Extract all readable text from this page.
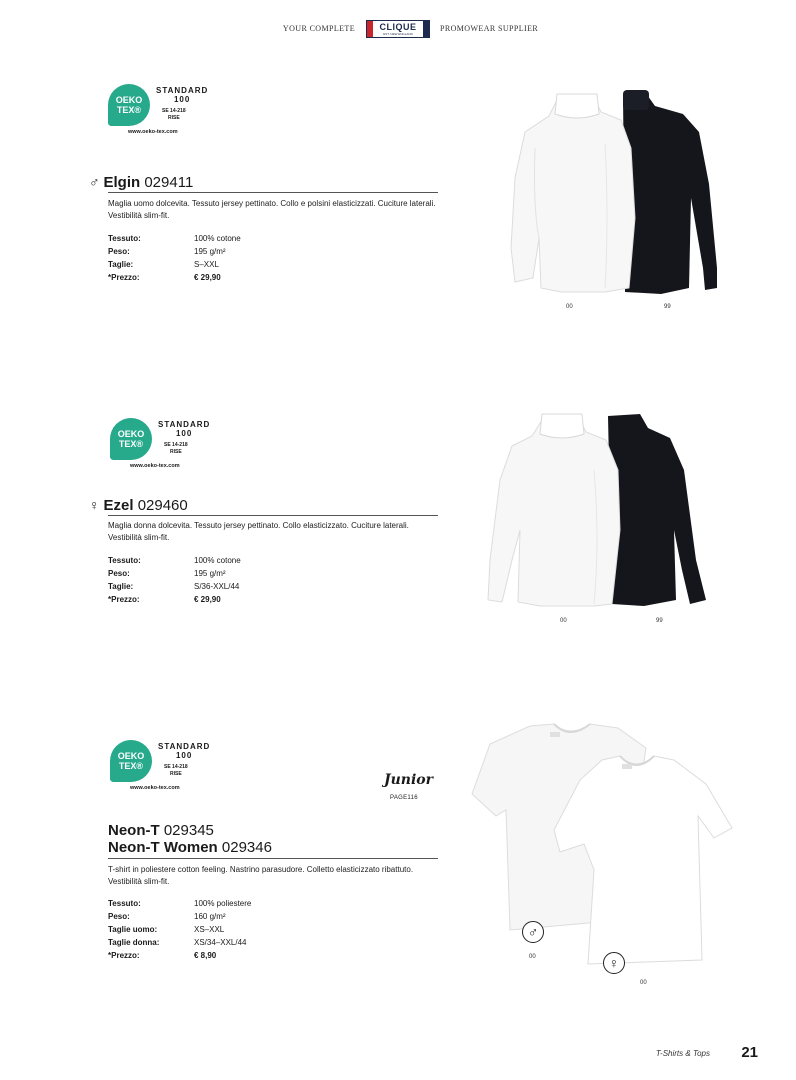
YOUR COMPLETE	CLIQUE
EST. NEW ENGLAND
PROMOWEAR SUPPLIER
OEKO
TEX®
STANDARD
100
SE 14-218
RISE
www.oeko-tex.com
♂ Elgin 029411
Maglia uomo dolcevita. Tessuto jersey pettinato. Collo e polsini elasticizzati. Cuciture laterali. Vestibilità slim-fit.
Tessuto:	100% cotone
Peso:	195 g/m²
Taglie:	S–XXL
*Prezzo:	€ 29,90
00	99
OEKO
TEX®
STANDARD
100
SE 14-218
RISE
www.oeko-tex.com
♀ Ezel 029460
Maglia donna dolcevita. Tessuto jersey pettinato. Collo elasticizzato. Cuciture laterali. Vestibilità slim-fit.
Tessuto:	100% cotone
Peso:	195 g/m²
Taglie:	S/36-XXL/44
*Prezzo:	€ 29,90
00	99
OEKO
TEX®
STANDARD
100
SE 14-218
RISE
www.oeko-tex.com	Junior
PAGE116
Neon-T 029345
Neon-T Women 029346
T-shirt in poliestere cotton feeling. Nastrino parasudore. Colletto elasticizzato ribattuto. Vestibilità slim-fit.
Tessuto:	100% poliestere
Peso:	160 g/m²
Taglie uomo:	XS–XXL
Taglie donna:	XS/34–XXL/44
*Prezzo:	€ 8,90
♂
00	♀
00
T-Shirts & Tops 21
